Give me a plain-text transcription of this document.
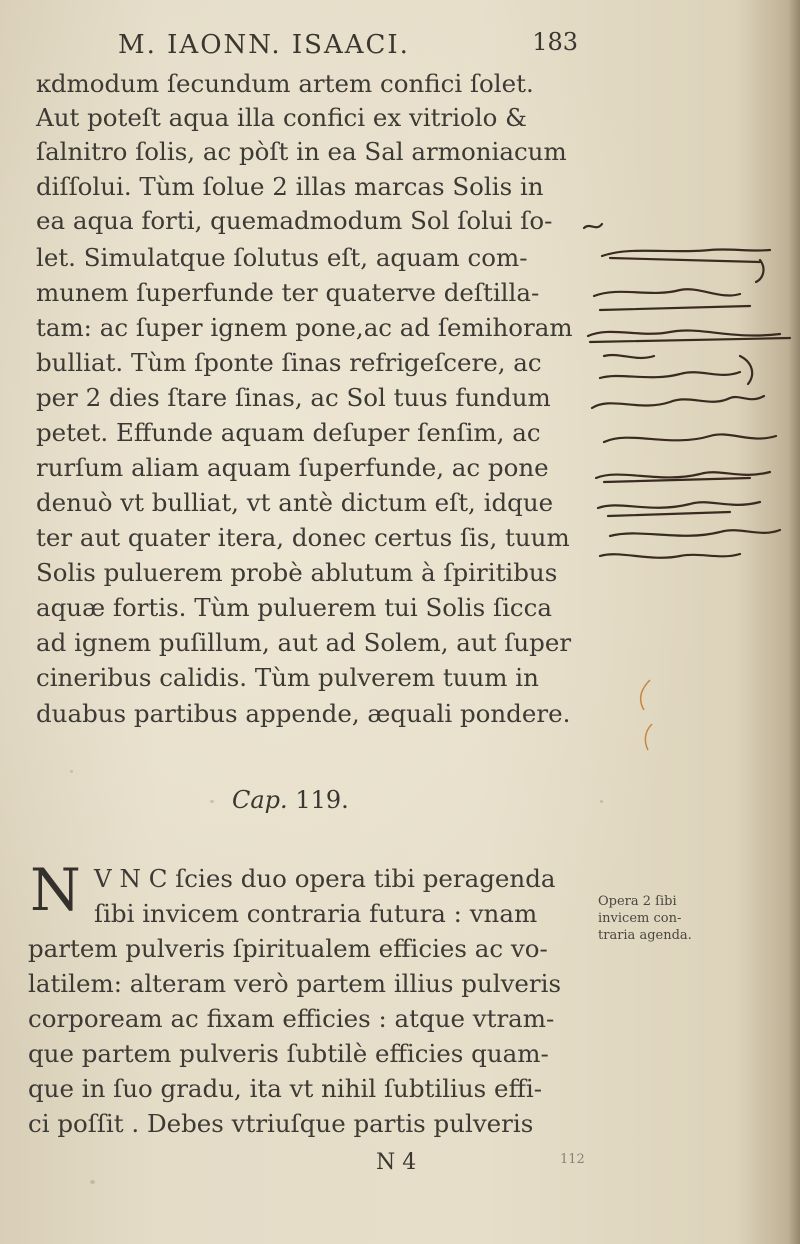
M. IAONN. ISAACI.	183
ĸdmodum ſecundum artem confici ſolet.
Aut poteſt aqua illa confici ex vitriolo &
ſalnitro ſolis, ac pòſt in ea Sal armoniacum
diſſolui. Tùm ſolue 2 illas marcas Solis in
ea aqua forti, quemadmodum Sol ſolui ſo-
let. Simulatque ſolutus eſt, aquam com-
munem ſuperfunde ter quaterve deſtilla-
tam: ac ſuper ignem pone,ac ad ſemihoram
bulliat. Tùm ſponte ſinas refrigeſcere, ac
per 2 dies ſtare ſinas, ac Sol tuus fundum
petet. Effunde aquam deſuper ſenſim, ac
rurſum aliam aquam ſuperfunde, ac pone
denuò vt bulliat, vt antè dictum eſt, idque
ter aut quater itera, donec certus ſis, tuum
Solis puluerem probè ablutum à ſpiritibus
aquæ fortis. Tùm puluerem tui Solis ſicca
ad ignem puſillum, aut ad Solem, aut ſuper
cineribus calidis. Tùm pulverem tuum in
duabus partibus appende, æquali pondere.
Cap. 119.
N V N C ſcies duo opera tibi peragenda
ſibi invicem contraria futura : vnam
partem pulveris ſpiritualem efficies ac vo-
latilem: alteram verò partem illius pulveris
corpoream ac fixam efficies : atque vtram-
que partem pulveris ſubtilè efficies quam-
que in ſuo gradu, ita vt nihil ſubtilius effi-
ci poſſit . Debes vtriuſque partis pulveris
Opera 2 ſibi
invicem con-
traria agenda.
N 4	112
